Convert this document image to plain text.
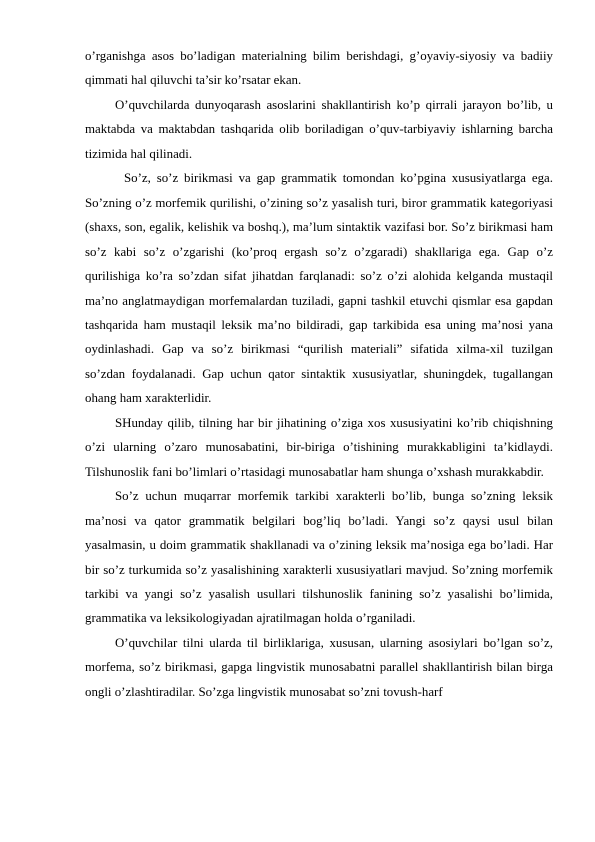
o’rganishga asos bo’ladigan materialning bilim berishdagi, g’oyaviy-siyosiy va badiiy qimmati hal qiluvchi ta’sir ko’rsatar ekan.

O’quvchilarda dunyoqarash asoslarini shakllantirish ko’p qirrali jarayon bo’lib, u maktabda va maktabdan tashqarida olib boriladigan o’quv-tarbiyaviy ishlarning barcha tizimida hal qilinadi.

So’z, so’z birikmasi va gap grammatik tomondan ko’pgina xususiyatlarga ega. So’zning o’z morfemik qurilishi, o’zining so’z yasalish turi, biror grammatik kategoriyasi (shaxs, son, egalik, kelishik va boshq.), ma’lum sintaktik vazifasi bor. So’z birikmasi ham so’z kabi so’z o’zgarishi (ko’proq ergash so’z o’zgaradi) shakllariga ega. Gap o’z qurilishiga ko’ra so’zdan sifat jihatdan farqlanadi: so’z o’zi alohida kelganda mustaqil ma’no anglatmaydigan morfemalardan tuziladi, gapni tashkil etuvchi qismlar esa gapdan tashqarida ham mustaqil leksik ma’no bildiradi, gap tarkibida esa uning ma’nosi yana oydinlashadi. Gap va so’z birikmasi “qurilish materiali” sifatida xilma-xil tuzilgan so’zdan foydalanadi. Gap uchun qator sintaktik xususiyatlar, shuningdek, tugallangan ohang ham xarakterlidir.

SHunday qilib, tilning har bir jihatining o’ziga xos xususiyatini ko’rib chiqishning o’zi ularning o’zaro munosabatini, bir-biriga o’tishining murakkabligini ta’kidlaydi. Tilshunoslik fani bo’limlari o’rtasidagi munosabatlar ham shunga o’xshash murakkabdir.

So’z uchun muqarrar morfemik tarkibi xarakterli bo’lib, bunga so’zning leksik ma’nosi va qator grammatik belgilari bog’liq bo’ladi. Yangi so’z qaysi usul bilan yasalmasin, u doim grammatik shakllanadi va o’zining leksik ma’nosiga ega bo’ladi. Har bir so’z turkumida so’z yasalishining xarakterli xususiyatlari mavjud. So’zning morfemik tarkibi va yangi so’z yasalish usullari tilshunoslik fanining so’z yasalishi bo’limida, grammatika va leksikologiyadan ajratilmagan holda o’rganiladi.

O’quvchilar tilni ularda til birliklariga, xususan, ularning asosiylari bo’lgan so’z, morfema, so’z birikmasi, gapga lingvistik munosabatni parallel shakllantirish bilan birga ongli o’zlashtiradilar. So’zga lingvistik munosabat so’zni tovush-harf
